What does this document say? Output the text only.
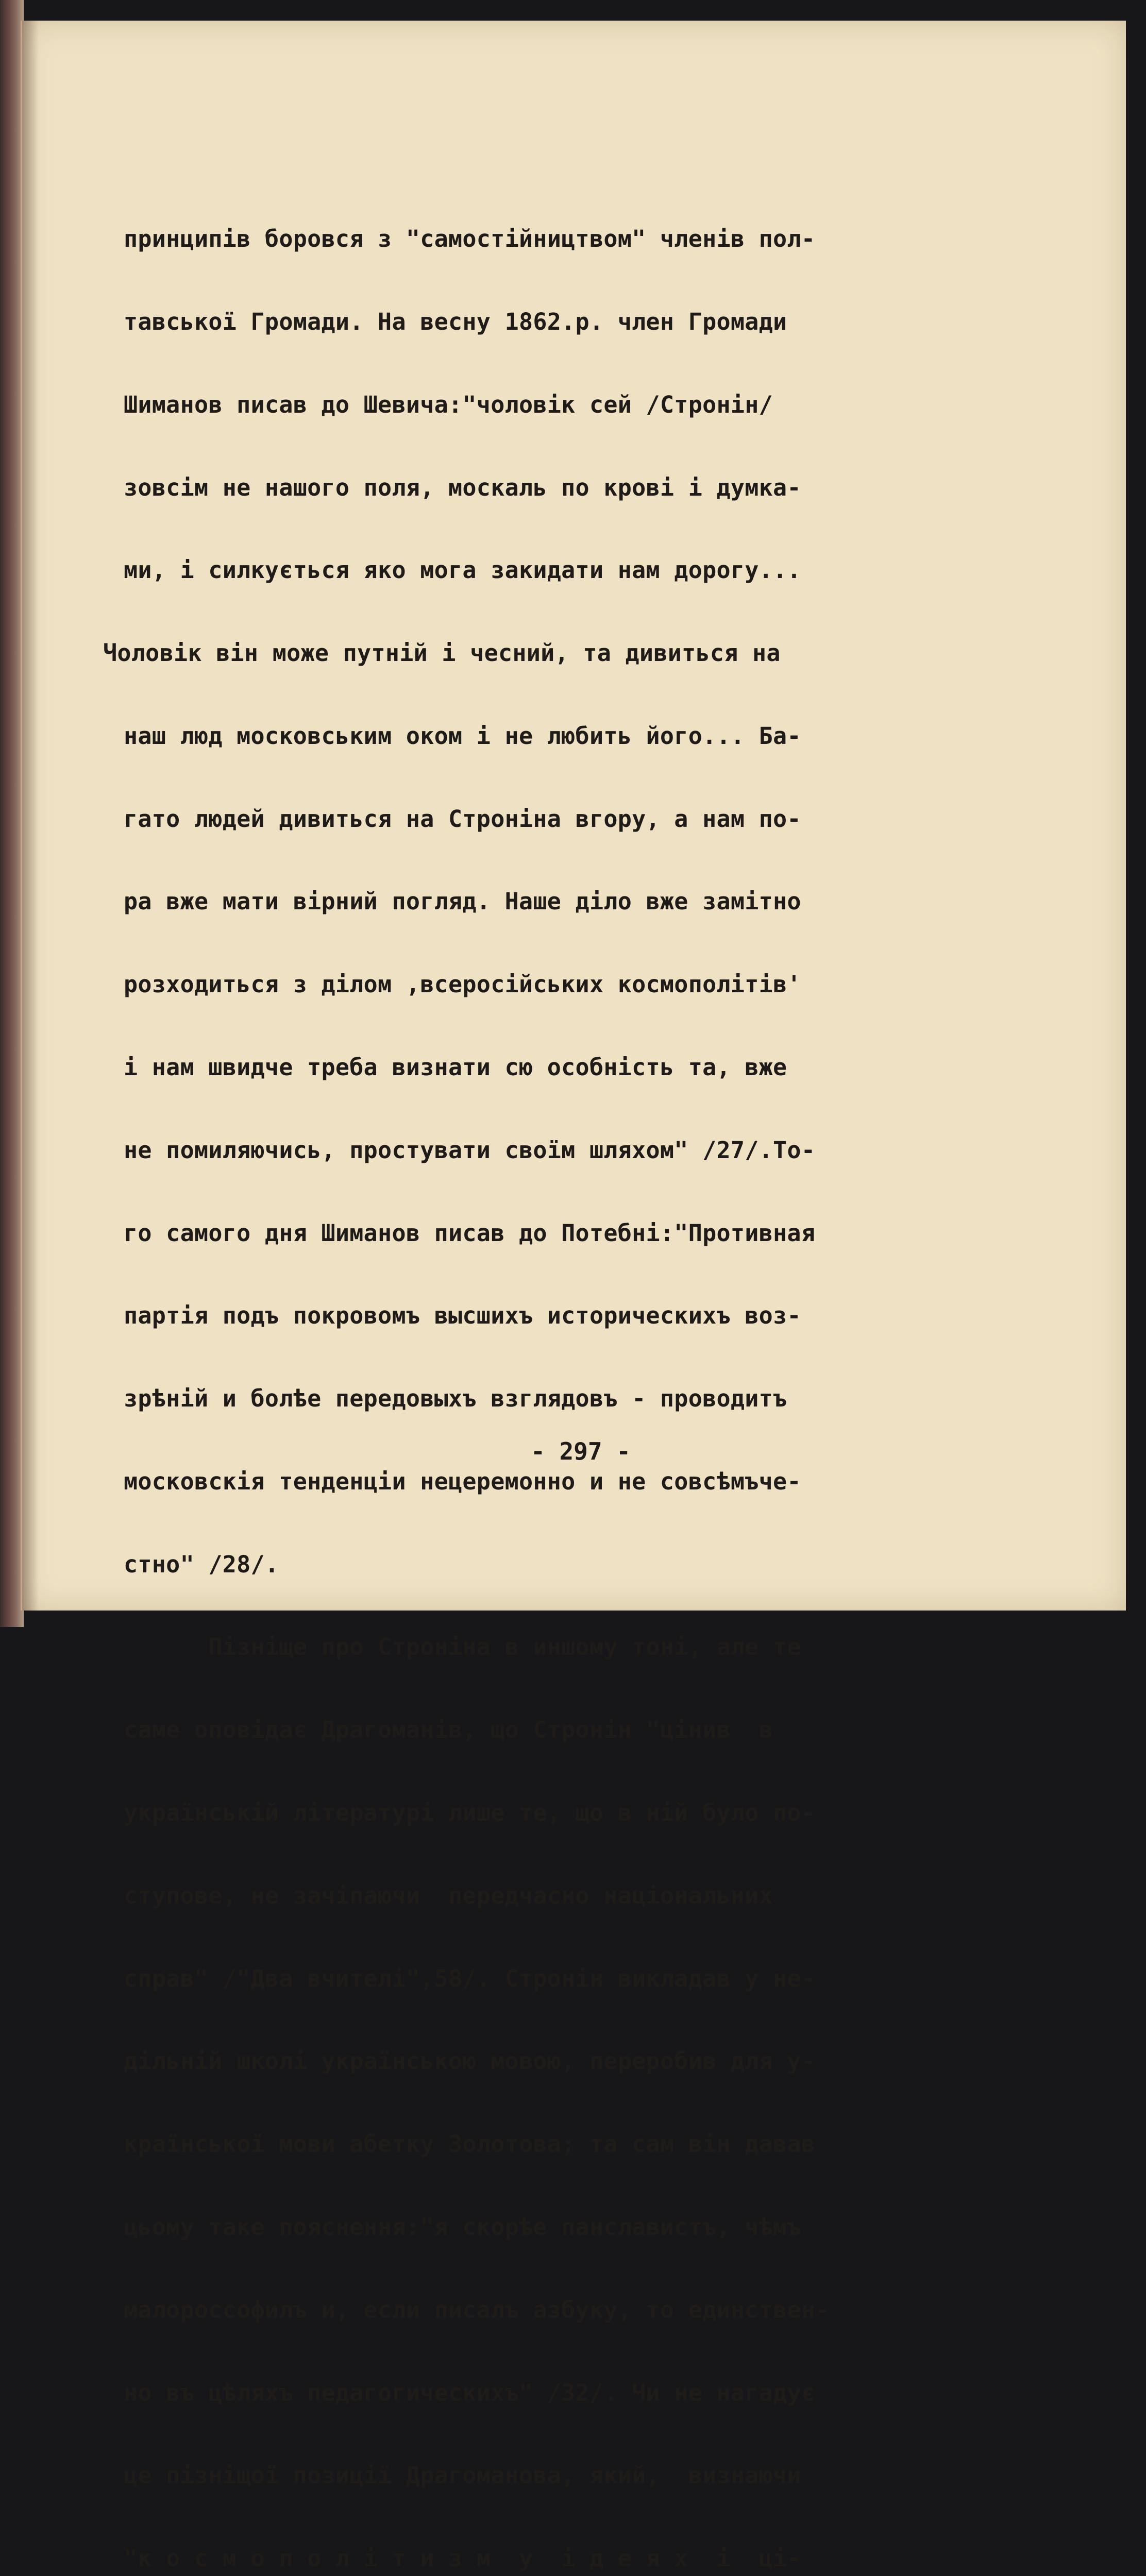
принципів боровся з "самостійництвом" членів пол-

тавської Громади. На весну 1862.р. член Громади

Шиманов писав до Шевича:"чоловік сей /Стронін/

зовсім не нашого поля, москаль по крові і думка-

ми, і силкується яко мога закидати нам дорогу...

Чоловік він може путній і чесний, та дивиться на

наш люд московським оком і не любить його... Ба-

гато людей дивиться на Строніна вгору, а нам по-

ра вже мати вірний погляд. Наше діло вже замітно

розходиться з ділом ,всеросійських космополітів'

і нам швидче треба визнати сю особність та, вже

не помиляючись, простувати своїм шляхом" /27/.То-

го самого дня Шиманов писав до Потебні:"Противная

партія подъ покровомъ высшихъ историческихъ воз-

зрѣній и болѣе передовыхъ взглядовъ - проводитъ

московскія тенденціи нецеремонно и не совсѣмъче-

стно" /28/.

Пізніще про Строніна в иншому тоні, але те

саме оповідає Драгоманів, що Стронін "цінив  в

українській літературі лише те, що в ній було по-

ступове, не зачіпаючи  передчасно національних

справ" /"Два вчителі",58/. Стронін викладав у не-

дільній школі українською мовою, переробив для у-

країнської мови абетку Золотова; та сам він давав

цьому таке пояснення:"я скорѣе панславистъ, чѣмъ

малороссофилъ и, если писалъ азбуку, то единствен-

но въ цѣляхъ педагогическихъ" /32/. Чи не нагадує

це пізніщої позиції Драгоманова, який,  визнаючи

"к о с м о п о л і т и з м  у  і д е я х  і  ці-

- 297 -
